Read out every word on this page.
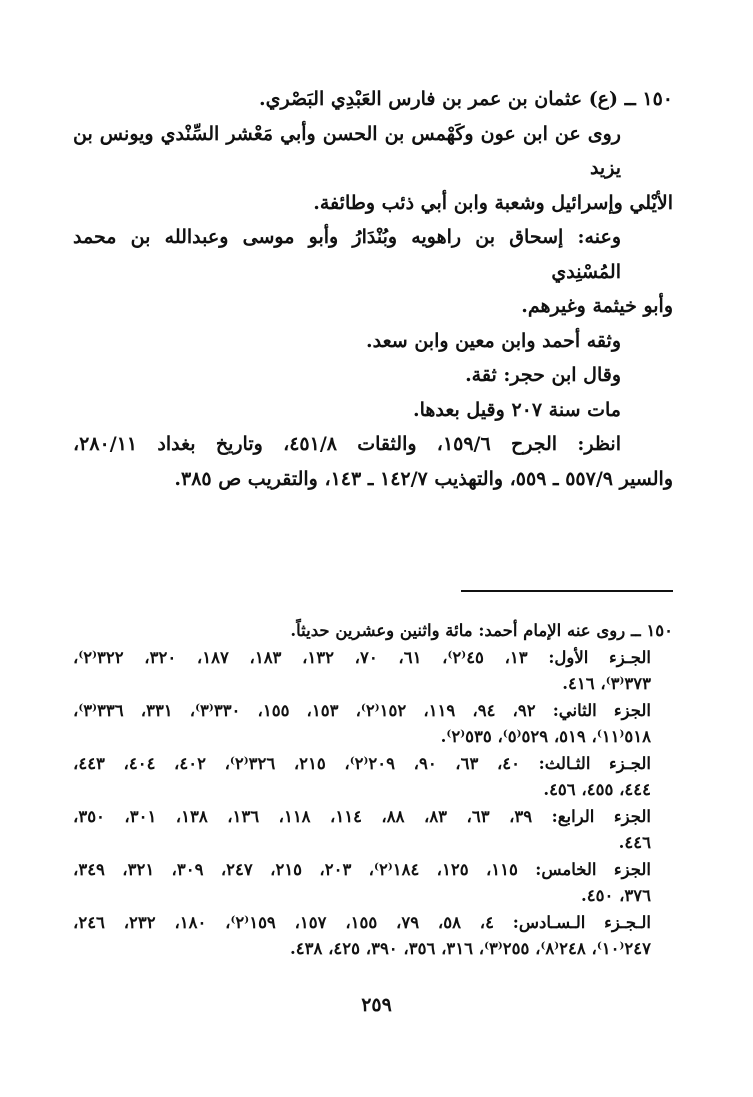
١٥٠ ــ (ع) عثمان بن عمر بن فارس العَبْدِي البَصْري.
روى عن ابن عون وكَهْمس بن الحسن وأبي مَعْشر السِّنْدي ويونس بن يزيد
الأيْلي وإسرائيل وشعبة وابن أبي ذئب وطائفة.
وعنه: إسحاق بن راهويه وبُنْدَارُ وأبو موسى وعبدالله بن محمد المُسْنِدي
وأبو خيثمة وغيرهم.
وثقه أحمد وابن معين وابن سعد.
وقال ابن حجر: ثقة.
مات سنة ٢٠٧ وقيل بعدها.
انظر: الجرح ١٥٩/٦، والثقات ٤٥١/٨، وتاريخ بغداد ٢٨٠/١١،
والسير ٥٥٧/٩ ـ ٥٥٩، والتهذيب ١٤٢/٧ ـ ١٤٣، والتقريب ص ٣٨٥.
١٥٠ ــ روى عنه الإمام أحمد: مائة واثنين وعشرين حديثاً.
الجـزء الأول: ١٣، ٤٥⁽٢⁾، ٦١، ٧٠، ١٣٢، ١٨٣، ١٨٧، ٣٢٠، ٣٢٢⁽٢⁾،
٣٧٣⁽٣⁾، ٤١٦.
الجزء الثاني: ٩٢، ٩٤، ١١٩، ١٥٢⁽٢⁾، ١٥٣، ١٥٥، ٣٣٠⁽٣⁾، ٣٣١، ٣٣٦⁽٣⁾،
٥١٨⁽١١⁾، ٥١٩، ٥٢٩⁽٥⁾، ٥٣٥⁽٢⁾.
الجـزء الثـالث: ٤٠، ٦٣، ٩٠، ٢٠٩⁽٢⁾، ٢١٥، ٣٢٦⁽٢⁾، ٤٠٢، ٤٠٤، ٤٤٣،
٤٤٤، ٤٥٥، ٤٥٦.
الجزء الرابع: ٣٩، ٦٣، ٨٣، ٨٨، ١١٤، ١١٨، ١٣٦، ١٣٨، ٣٠١، ٣٥٠،
٤٤٦.
الجزء الخامس: ١١٥، ١٢٥، ١٨٤⁽٢⁾، ٢٠٣، ٢١٥، ٢٤٧، ٣٠٩، ٣٢١، ٣٤٩،
٣٧٦، ٤٥٠.
الـجـزء الـسـادس: ٤، ٥٨، ٧٩، ١٥٥، ١٥٧، ١٥٩⁽٢⁾، ١٨٠، ٢٣٢، ٢٤٦،
٢٤٧⁽١٠⁾، ٢٤٨⁽٨⁾، ٢٥٥⁽٣⁾، ٣١٦، ٣٥٦، ٣٩٠، ٤٢٥، ٤٣٨.
٢٥٩
